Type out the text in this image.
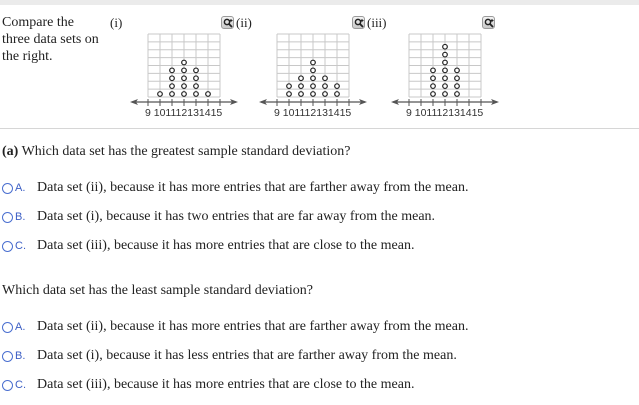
Compare the
three data sets on
the right.
(i)	(ii)	(iii)
9 101112131415	9 101112131415	9 101112131415
(a) Which data set has the greatest sample standard deviation?
A. Data set (ii), because it has more entries that are farther away from the mean.
B. Data set (i), because it has two entries that are far away from the mean.
C. Data set (iii), because it has more entries that are close to the mean.
Which data set has the least sample standard deviation?
A. Data set (ii), because it has more entries that are farther away from the mean.
B. Data set (i), because it has less entries that are farther away from the mean.
C. Data set (iii), because it has more entries that are close to the mean.
